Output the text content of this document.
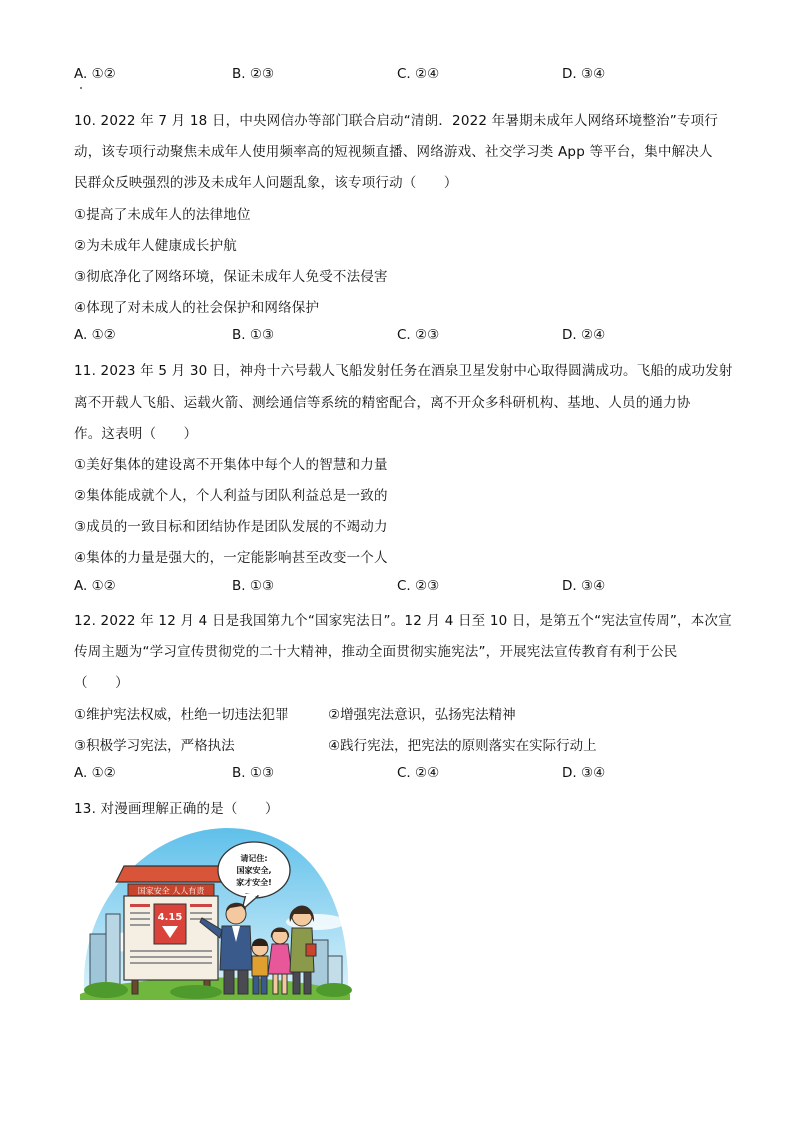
A. ①②	B. ②③	C. ②④	D. ③④
10. 2022 年 7 月 18 日，中央网信办等部门联合启动“清朗．2022 年暑期未成年人网络环境整治”专项行
动，该专项行动聚焦未成年人使用频率高的短视频直播、网络游戏、社交学习类 App 等平台，集中解决人
民群众反映强烈的涉及未成年人问题乱象，该专项行动（　　）
①提高了未成年人的法律地位
②为未成年人健康成长护航
③彻底净化了网络环境，保证未成年人免受不法侵害
④体现了对未成人的社会保护和网络保护
A. ①②	B. ①③	C. ②③	D. ②④
11. 2023 年 5 月 30 日，神舟十六号载人飞船发射任务在酒泉卫星发射中心取得圆满成功。飞船的成功发射
离不开载人飞船、运载火箭、测绘通信等系统的精密配合，离不开众多科研机构、基地、人员的通力协
作。这表明（　　）
①美好集体的建设离不开集体中每个人的智慧和力量
②集体能成就个人，个人利益与团队利益总是一致的
③成员的一致目标和团结协作是团队发展的不竭动力
④集体的力量是强大的，一定能影响甚至改变一个人
A. ①②	B. ①③	C. ②③	D. ③④
12. 2022 年 12 月 4 日是我国第九个“国家宪法日”。12 月 4 日至 10 日，是第五个“宪法宣传周”，本次宣
传周主题为“学习宣传贯彻党的二十大精神，推动全面贯彻实施宪法”，开展宪法宣传教育有利于公民
（　　）
①维护宪法权威，杜绝一切违法犯罪	②增强宪法意识，弘扬宪法精神
③积极学习宪法，严格执法	④践行宪法，把宪法的原则落实在实际行动上
A. ①②	B. ①③	C. ②④	D. ③④
13. 对漫画理解正确的是（　　）
国家安全 人人有责
4.15
请记住:
国家安全,
家才安全!
